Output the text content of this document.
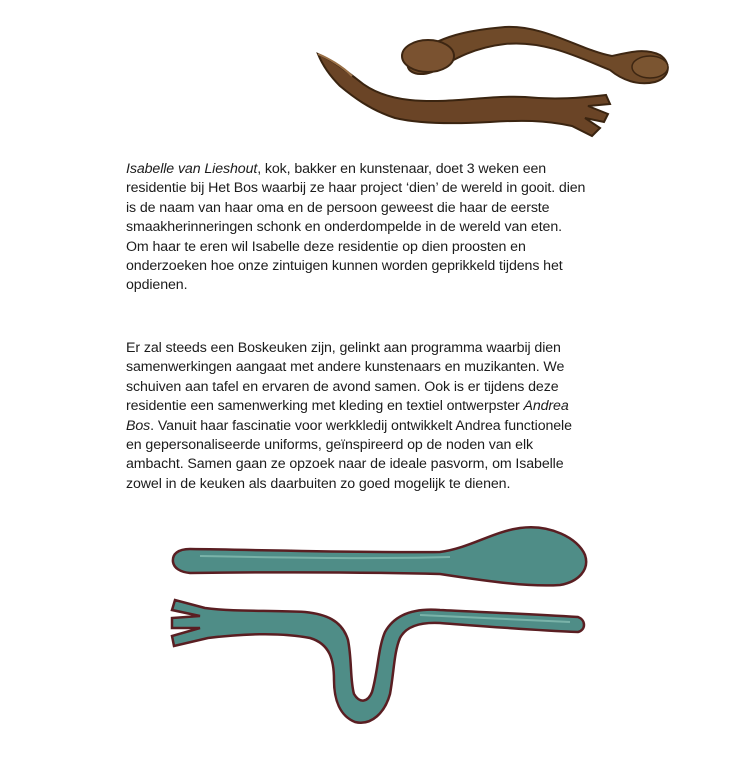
Isabelle van Lieshout, kok, bakker en kunstenaar, doet 3 weken een residentie bij Het Bos waarbij ze haar project ‘dien’ de wereld in gooit. dien is de naam van haar oma en de persoon geweest die haar de eerste smaakherinneringen schonk en onderdompelde in de wereld van eten. Om haar te eren wil Isabelle deze residentie op dien proosten en onderzoeken hoe onze zintuigen kunnen worden geprikkeld tijdens het opdienen.

Er zal steeds een Boskeuken zijn, gelinkt aan programma waarbij dien samenwerkingen aangaat met andere kunstenaars en muzikanten. We schuiven aan tafel en ervaren de avond samen. Ook is er tijdens deze residentie een samenwerking met kleding en textiel ontwerpster Andrea Bos. Vanuit haar fascinatie voor werkkledij ontwikkelt Andrea functionele en gepersonaliseerde uniforms, geïnspireerd op de noden van elk ambacht. Samen gaan ze opzoek naar de ideale pasvorm, om Isabelle zowel in de keuken als daarbuiten zo goed mogelijk te dienen.
